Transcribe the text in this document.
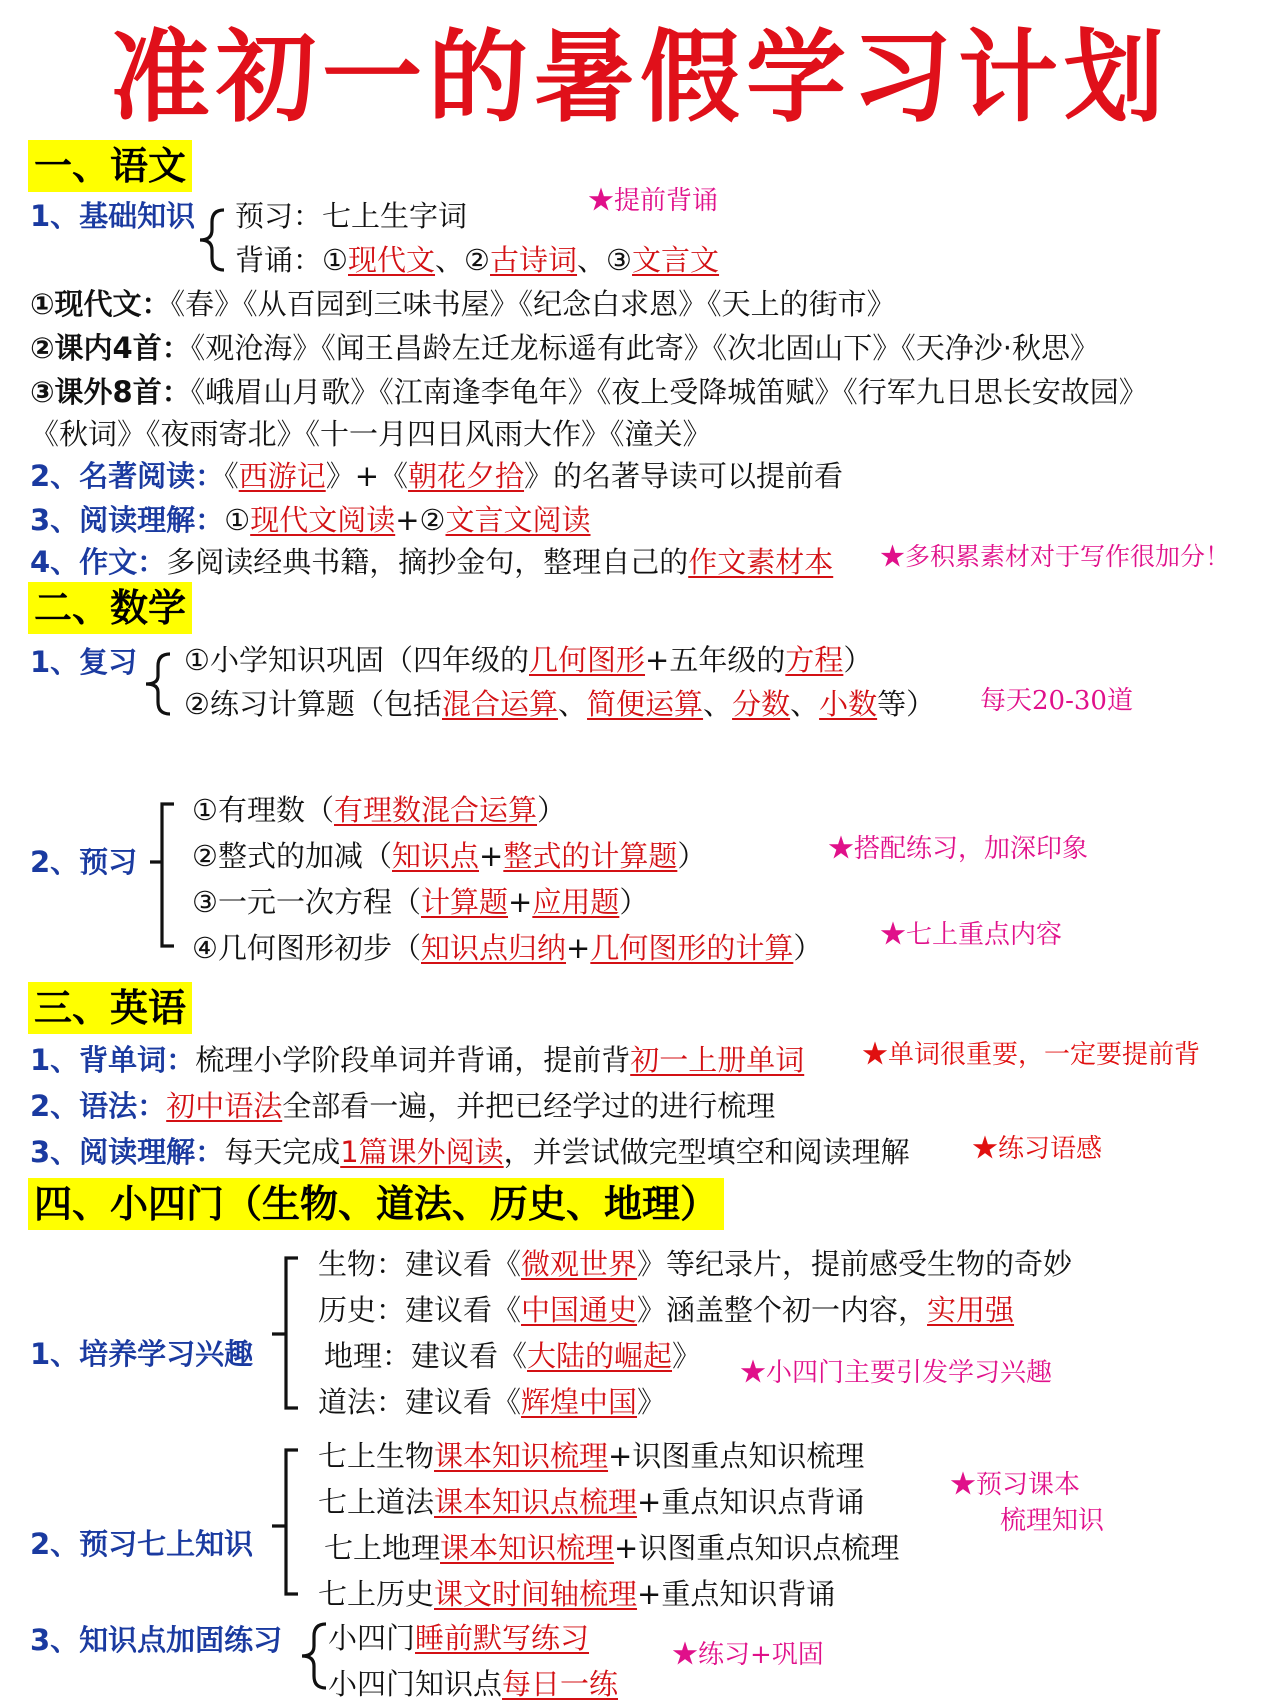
准初一的暑假学习计划
一、语文
1、基础知识 预习：七上生字词
背诵：①现代文、②古诗词、③文言文
★提前背诵
①现代文：《春》《从百园到三味书屋》《纪念白求恩》《天上的街市》
②课内4首：《观沧海》《闻王昌龄左迁龙标遥有此寄》《次北固山下》《天净沙·秋思》
③课外8首：《峨眉山月歌》《江南逢李龟年》《夜上受降城笛赋》《行军九日思长安故园》
《秋词》《夜雨寄北》《十一月四日风雨大作》《潼关》
2、名著阅读：《西游记》+《朝花夕拾》的名著导读可以提前看
3、阅读理解：①现代文阅读+②文言文阅读
4、作文：多阅读经典书籍，摘抄金句，整理自己的作文素材本 ★多积累素材对于写作很加分！
二、数学
1、复习 ①小学知识巩固（四年级的几何图形+五年级的方程）
②练习计算题（包括混合运算、简便运算、分数、小数等） 每天20-30道
2、预习
①有理数（有理数混合运算）
②整式的加减（知识点+整式的计算题）
③一元一次方程（计算题+应用题）
④几何图形初步（知识点归纳+几何图形的计算）
★搭配练习，加深印象
★七上重点内容
三、英语
1、背单词：梳理小学阶段单词并背诵，提前背初一上册单词 ★单词很重要，一定要提前背
2、语法：初中语法全部看一遍，并把已经学过的进行梳理
3、阅读理解：每天完成1篇课外阅读，并尝试做完型填空和阅读理解 ★练习语感
四、小四门（生物、道法、历史、地理）
1、培养学习兴趣
生物：建议看《微观世界》等纪录片，提前感受生物的奇妙
历史：建议看《中国通史》涵盖整个初一内容，实用强
地理：建议看《大陆的崛起》
道法：建议看《辉煌中国》
★小四门主要引发学习兴趣
2、预习七上知识
七上生物课本知识梳理+识图重点知识梳理
七上道法课本知识点梳理+重点知识点背诵
七上地理课本知识梳理+识图重点知识点梳理
七上历史课文时间轴梳理+重点知识背诵
★预习课本
梳理知识
3、知识点加固练习 小四门睡前默写练习
小四门知识点每日一练
★练习+巩固
